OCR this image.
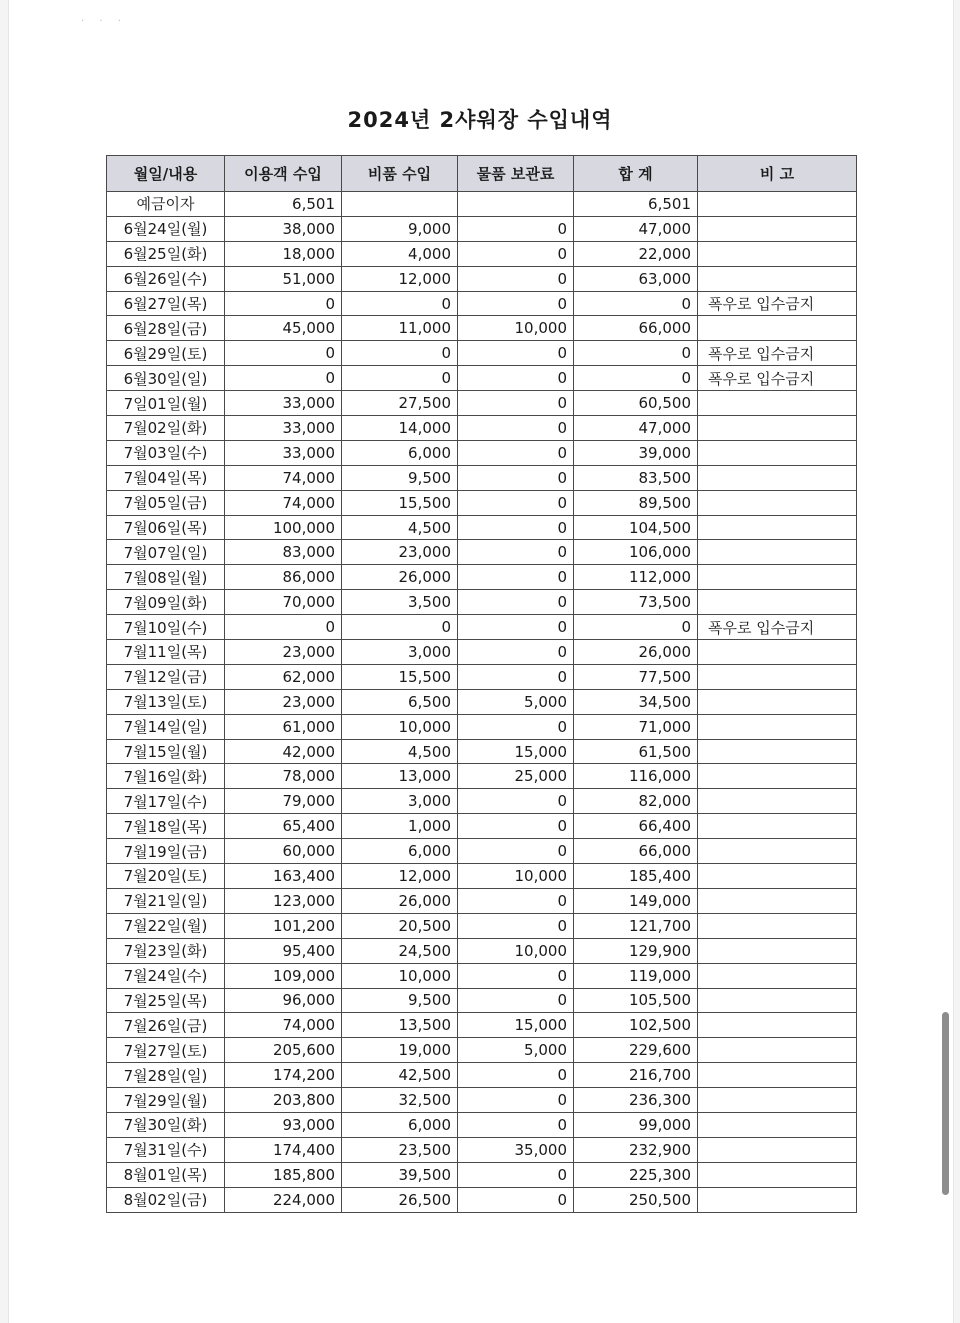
· · ·
2024년 2샤워장 수입내역
월일/내용	이용객 수입	비품 수입	물품 보관료	합 계	비 고
예금이자	6,501			6,501	
6월24일(월)	38,000	9,000	0	47,000	
6월25일(화)	18,000	4,000	0	22,000	
6월26일(수)	51,000	12,000	0	63,000	
6월27일(목)	0	0	0	0	폭우로 입수금지
6월28일(금)	45,000	11,000	10,000	66,000	
6월29일(토)	0	0	0	0	폭우로 입수금지
6월30일(일)	0	0	0	0	폭우로 입수금지
7일01일(월)	33,000	27,500	0	60,500	
7월02일(화)	33,000	14,000	0	47,000	
7월03일(수)	33,000	6,000	0	39,000	
7월04일(목)	74,000	9,500	0	83,500	
7월05일(금)	74,000	15,500	0	89,500	
7월06일(목)	100,000	4,500	0	104,500	
7월07일(일)	83,000	23,000	0	106,000	
7월08일(월)	86,000	26,000	0	112,000	
7월09일(화)	70,000	3,500	0	73,500	
7월10일(수)	0	0	0	0	폭우로 입수금지
7월11일(목)	23,000	3,000	0	26,000	
7월12일(금)	62,000	15,500	0	77,500	
7월13일(토)	23,000	6,500	5,000	34,500	
7월14일(일)	61,000	10,000	0	71,000	
7월15일(월)	42,000	4,500	15,000	61,500	
7월16일(화)	78,000	13,000	25,000	116,000	
7월17일(수)	79,000	3,000	0	82,000	
7월18일(목)	65,400	1,000	0	66,400	
7월19일(금)	60,000	6,000	0	66,000	
7월20일(토)	163,400	12,000	10,000	185,400	
7월21일(일)	123,000	26,000	0	149,000	
7월22일(월)	101,200	20,500	0	121,700	
7월23일(화)	95,400	24,500	10,000	129,900	
7월24일(수)	109,000	10,000	0	119,000	
7월25일(목)	96,000	9,500	0	105,500	
7월26일(금)	74,000	13,500	15,000	102,500	
7월27일(토)	205,600	19,000	5,000	229,600	
7월28일(일)	174,200	42,500	0	216,700	
7월29일(월)	203,800	32,500	0	236,300	
7월30일(화)	93,000	6,000	0	99,000	
7월31일(수)	174,400	23,500	35,000	232,900	
8월01일(목)	185,800	39,500	0	225,300	
8월02일(금)	224,000	26,500	0	250,500	
